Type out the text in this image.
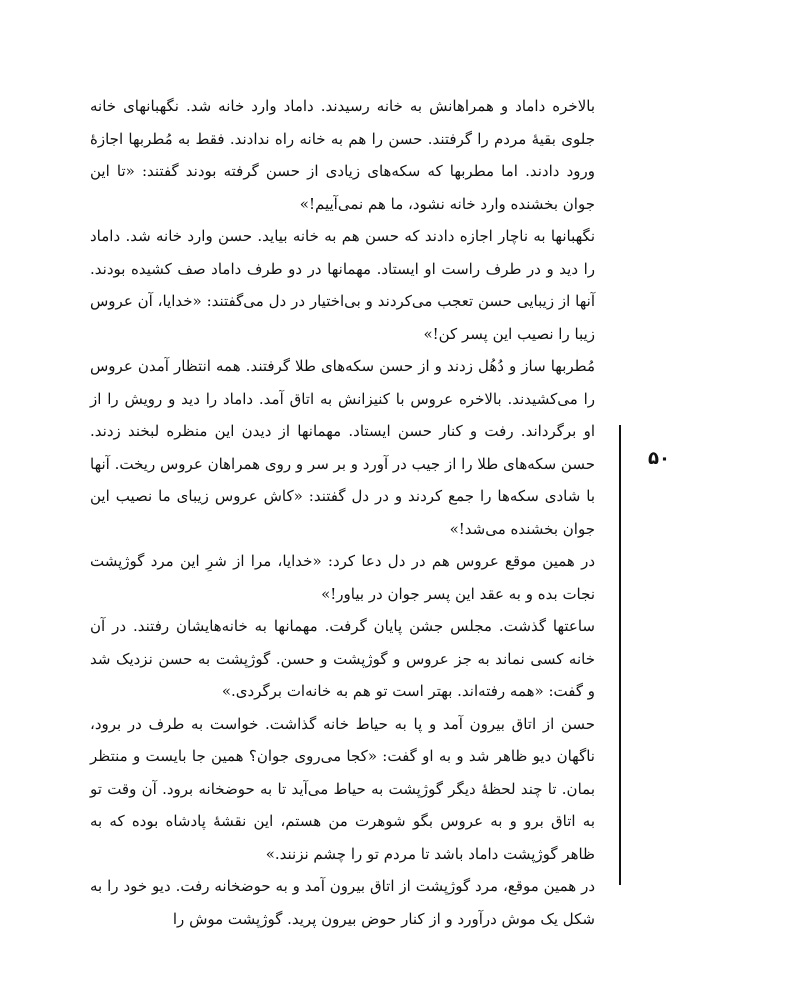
بالاخره داماد و همراهانش به خانه رسیدند. داماد وارد خانه شد. نگهبانهای خانه جلوی بقیهٔ مردم را گرفتند. حسن را هم به خانه راه ندادند. فقط به مُطربها اجازهٔ ورود دادند. اما مطربها که سکه‌های زیادی از حسن گرفته بودند گفتند: «تا این جوان بخشنده وارد خانه نشود، ما هم نمی‌آییم!»

نگهبانها به ناچار اجازه دادند که حسن هم به خانه بیاید. حسن وارد خانه شد. داماد را دید و در طرف راست او ایستاد. مهمانها در دو طرف داماد صف کشیده بودند. آنها از زیبایی حسن تعجب می‌کردند و بی‌اختیار در دل می‌گفتند: «خدایا، آن عروس زیبا را نصیب این پسر کن!»

مُطربها ساز و دُهُل زدند و از حسن سکه‌های طلا گرفتند. همه انتظار آمدن عروس را می‌کشیدند. بالاخره عروس با کنیزانش به اتاق آمد. داماد را دید و رویش را از او برگرداند. رفت و کنار حسن ایستاد. مهمانها از دیدن این منظره لبخند زدند. حسن سکه‌های طلا را از جیب در آورد و بر سر و روی همراهان عروس ریخت. آنها با شادی سکه‌ها را جمع کردند و در دل گفتند: «کاش عروس زیبای ما نصیب این جوان بخشنده می‌شد!»

در همین موقع عروس هم در دل دعا کرد: «خدایا، مرا از شرِ این مرد گوژپشت نجات بده و به عقد این پسر جوان در بیاور!»

ساعتها گذشت. مجلس جشن پایان گرفت. مهمانها به خانه‌هایشان رفتند. در آن خانه کسی نماند به جز عروس و گوژپشت و حسن. گوژپشت به حسن نزدیک شد و گفت: «همه رفته‌اند. بهتر است تو هم به خانه‌ات برگردی.»

حسن از اتاق بیرون آمد و پا به حیاط خانه گذاشت. خواست به طرف در برود، ناگهان دیو ظاهر شد و به او گفت: «کجا می‌روی جوان؟ همین جا بایست و منتظر بمان. تا چند لحظهٔ دیگر گوژپشت به حیاط می‌آید تا به حوضخانه برود. آن وقت تو به اتاق برو و به عروس بگو شوهرت من هستم، این نقشهٔ پادشاه بوده که به ظاهر گوژپشت داماد باشد تا مردم تو را چشم نزنند.»

در همین موقع، مرد گوژپشت از اتاق بیرون آمد و به حوضخانه رفت. دیو خود را به شکل یک موش درآورد و از کنار حوض بیرون پرید. گوژپشت موش را

۵۰
